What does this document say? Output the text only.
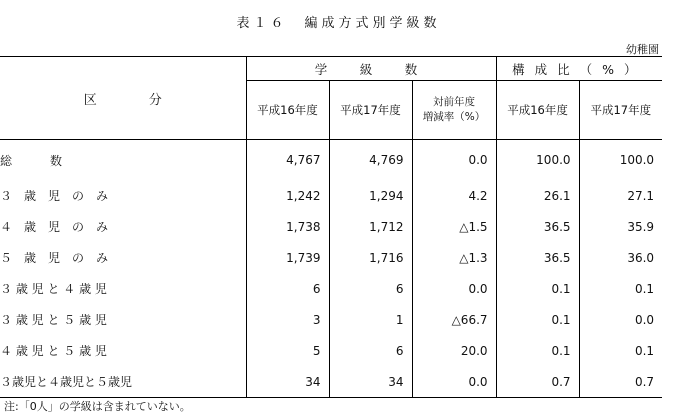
表１６　編成方式別学級数
幼稚園
区 分	学　級　数			構成比（%）	
	平成16年度	平成17年度	対前年度
増減率（%）	平成16年度	平成17年度
総 数	4,767	4,769	0.0	100.0	100.0
３　歳　児　の　み	1,242	1,294	4.2	26.1	27.1
４　歳　児　の　み	1,738	1,712	△1.5	36.5	35.9
５　歳　児　の　み	1,739	1,716	△1.3	36.5	36.0
３ 歳 児 と ４ 歳 児	6	6	0.0	0.1	0.1
３ 歳 児 と ５ 歳 児	3	1	△66.7	0.1	0.0
４ 歳 児 と ５ 歳 児	5	6	20.0	0.1	0.1
３歳児と４歳児と５歳児	34	34	0.0	0.7	0.7
注:「0人」の学級は含まれていない。
